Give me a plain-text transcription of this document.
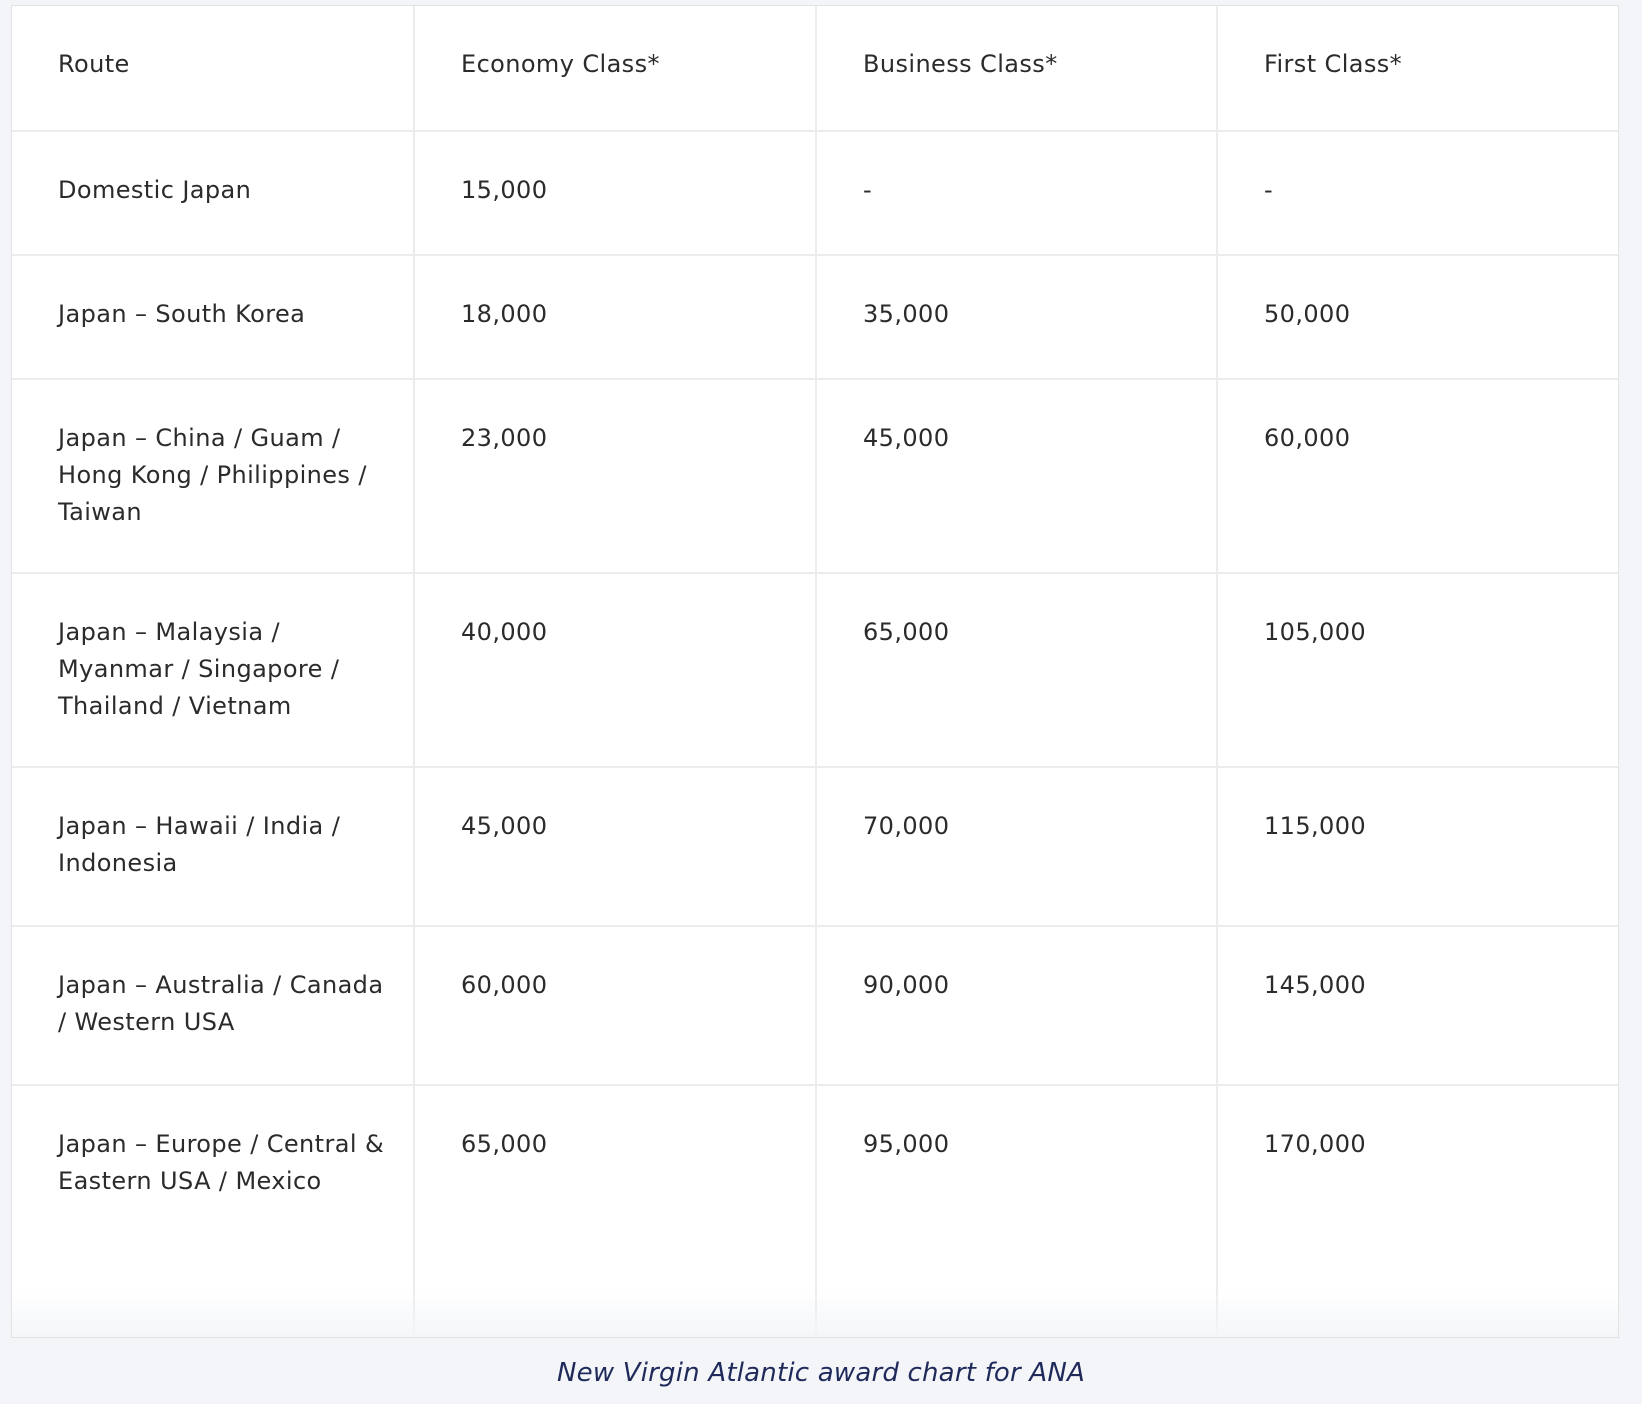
Route	Economy Class*	Business Class*	First Class*
Domestic Japan	15,000	-	-
Japan – South Korea	18,000	35,000	50,000
Japan – China / Guam / Hong Kong / Philippines / Taiwan	23,000	45,000	60,000
Japan – Malaysia / Myanmar / Singapore / Thailand / Vietnam	40,000	65,000	105,000
Japan – Hawaii / India / Indonesia	45,000	70,000	115,000
Japan – Australia / Canada / Western USA	60,000	90,000	145,000
Japan – Europe / Central & Eastern USA / Mexico	65,000	95,000	170,000
New Virgin Atlantic award chart for ANA
